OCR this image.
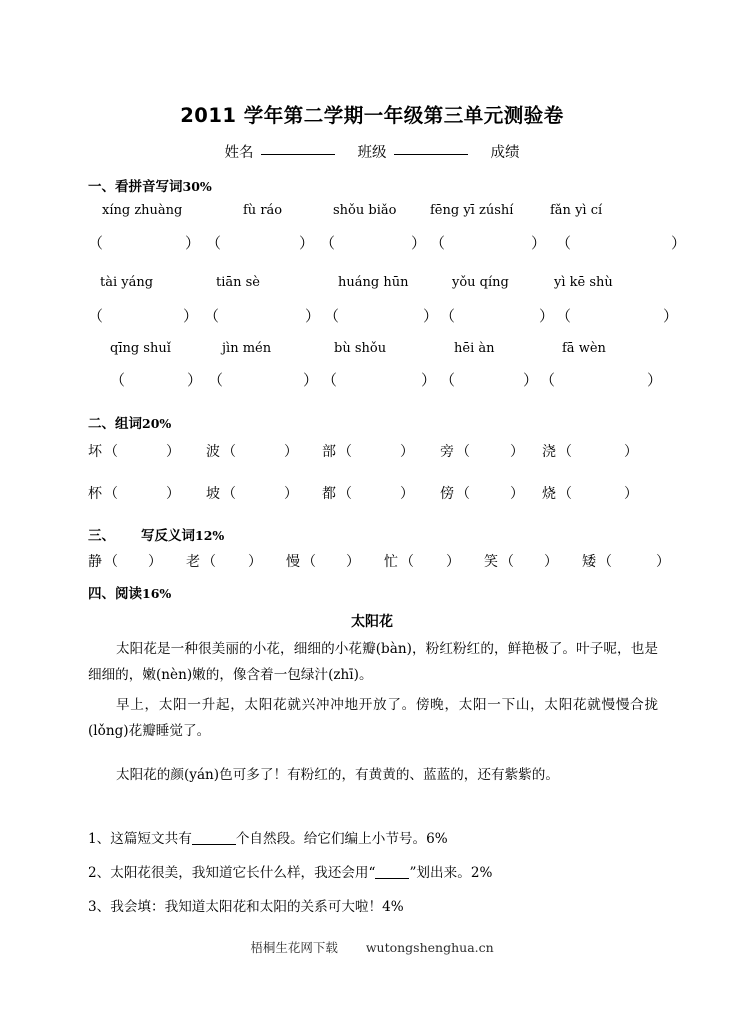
2011 学年第二学期一年级第三单元测验卷
姓名	班级	成绩
一、看拼音写词30%
xíng zhuàng	fù ráo	shǒu biǎo	fēng yī zúshí	fǎn yì cí
（	） （	） （	） （	） （	）
tài yáng	tiān sè	huáng hūn	yǒu qíng	yì kē shù
（	） （	） （	） （	） （	）
qīng shuǐ	jìn mén	bù shǒu	hēi àn	fā wèn
（	） （	） （	） （	） （	）
二、组词20%
坏 （	） 波 （	） 部 （	） 旁 （	） 浇 （	）
杯 （	） 坡 （	） 都 （	） 傍 （	） 烧 （	）
三、 写反义词12%
静 （ ） 老 （ ） 慢 （ ） 忙 （ ） 笑 （ ） 矮 （	）
四、阅读16%
太阳花
太阳花是一种很美丽的小花，细细的小花瓣(bàn)，粉红粉红的，鲜艳极了。叶子呢，也是细细的，嫩(nèn)嫩的，像含着一包绿汁(zhī)。
早上，太阳一升起，太阳花就兴冲冲地开放了。傍晚，太阳一下山，太阳花就慢慢合拢(lǒng)花瓣睡觉了。
太阳花的颜(yán)色可多了！有粉红的，有黄黄的、蓝蓝的，还有紫紫的。
1、这篇短文共有	个自然段。给它们编上小节号。6%
2、太阳花很美，我知道它长什么样，我还会用“	”划出来。2%
3、我会填：我知道太阳花和太阳的关系可大啦！4%
梧桐生花网下载 wutongshenghua.cn
